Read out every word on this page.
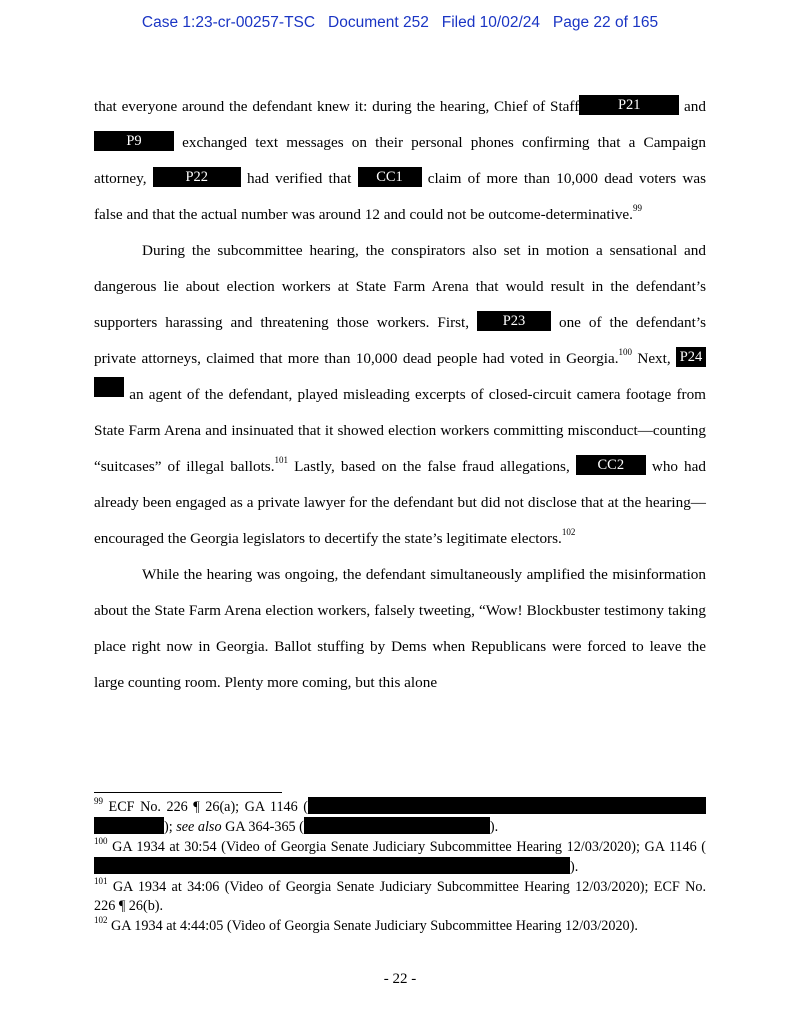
Case 1:23-cr-00257-TSC Document 252 Filed 10/02/24 Page 22 of 165

that everyone around the defendant knew it: during the hearing, Chief of Staff	P21	and P9 exchanged text messages on their personal phones confirming that a Campaign attorney, P22 had verified that CC1 claim of more than 10,000 dead voters was false and that the actual number was around 12 and could not be outcome-determinative.$^{99}$

During the subcommittee hearing, the conspirators also set in motion a sensational and dangerous lie about election workers at State Farm Arena that would result in the defendant’s supporters harassing and threatening those workers. First, P23 one of the defendant’s private attorneys, claimed that more than 10,000 dead people had voted in Georgia.$^{100}$ Next, P24  an agent of the defendant, played misleading excerpts of closed-circuit camera footage from State Farm Arena and insinuated that it showed election workers committing misconduct—counting “suitcases” of illegal ballots.$^{101}$ Lastly, based on the false fraud allegations, CC2 who had already been engaged as a private lawyer for the defendant but did not disclose that at the hearing—encouraged the Georgia legislators to decertify the state’s legitimate electors.$^{102}$

While the hearing was ongoing, the defendant simultaneously amplified the misinformation about the State Farm Arena election workers, falsely tweeting, “Wow! Blockbuster testimony taking place right now in Georgia. Ballot stuffing by Dems when Republicans were forced to leave the large counting room. Plenty more coming, but this alone

$^{99}$ ECF No. 226 ¶ 26(a); GA 1146 ( ); see also GA 364-365 (	).

$^{100}$ GA 1934 at 30:54 (Video of Georgia Senate Judiciary Subcommittee Hearing 12/03/2020); GA 1146 ().

$^{101}$ GA 1934 at 34:06 (Video of Georgia Senate Judiciary Subcommittee Hearing 12/03/2020); ECF No. 226 ¶ 26(b).

$^{102}$ GA 1934 at 4:44:05 (Video of Georgia Senate Judiciary Subcommittee Hearing 12/03/2020).

- 22 -
